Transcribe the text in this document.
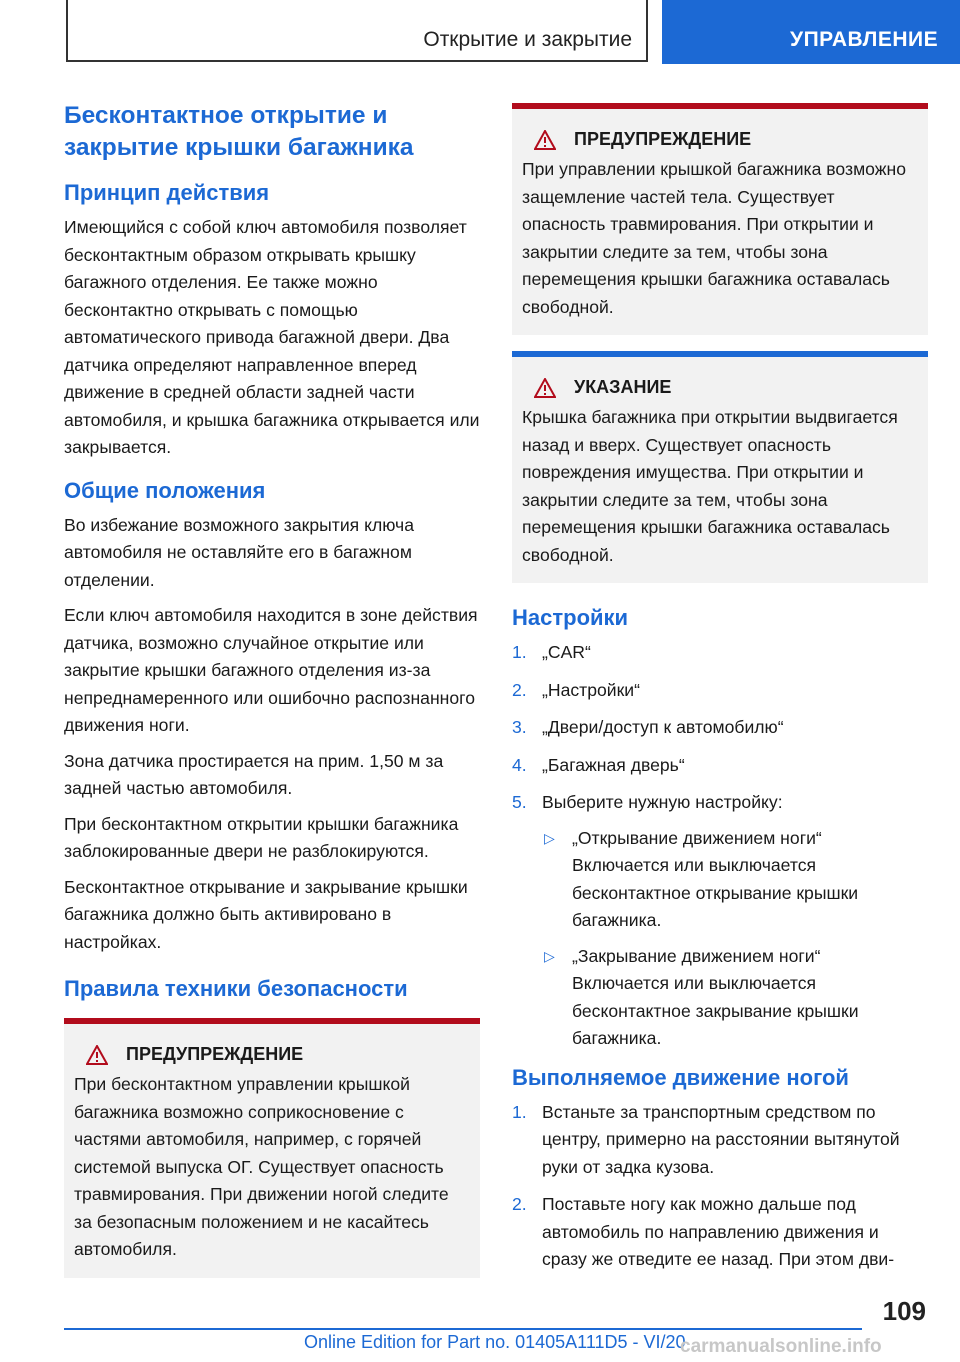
Открытие и закрытие	УПРАВЛЕНИЕ
Бесконтактное открытие и закрытие крышки багажника
Принцип действия

Имеющийся с собой ключ автомобиля позволяет бесконтактным образом открывать крышку багажного отделения. Ее также можно бесконтактно открывать с помощью автоматического привода багажной двери. Два датчика определяют направленное вперед движение в средней области задней части автомобиля, и крышка багажника открывается или закрывается.

Общие положения

Во избежание возможного закрытия ключа автомобиля не оставляйте его в багажном отделении.

Если ключ автомобиля находится в зоне действия датчика, возможно случайное открытие или закрытие крышки багажного отделения из-за непреднамеренного или ошибочно распознанного движения ноги.

Зона датчика простирается на прим. 1,50 м за задней частью автомобиля.

При бесконтактном открытии крышки багажника заблокированные двери не разблокируются.

Бесконтактное открывание и закрывание крышки багажника должно быть активировано в настройках.

Правила техники безопасности
ПРЕДУПРЕЖДЕНИЕ

При бесконтактном управлении крышкой багажника возможно соприкосновение с частями автомобиля, например, с горячей системой выпуска ОГ. Существует опасность травмирования. При движении ногой следите за безопасным положением и не касайтесь автомобиля.

ПРЕДУПРЕЖДЕНИЕ

При управлении крышкой багажника возможно защемление частей тела. Существует опасность травмирования. При открытии и закрытии следите за тем, чтобы зона перемещения крышки багажника оставалась свободной.

УКАЗАНИЕ

Крышка багажника при открытии выдвигается назад и вверх. Существует опасность повреждения имущества. При открытии и закрытии следите за тем, чтобы зона перемещения крышки багажника оставалась свободной.

Настройки
1. „CAR“
2. „Настройки“
3. „Двери/доступ к автомобилю“
4. „Багажная дверь“
5. Выберите нужную настройку:
▷ „Открывание движением ноги“
Включается или выключается бесконтактное открывание крышки багажника.
▷ „Закрывание движением ноги“
Включается или выключается бесконтактное закрывание крышки багажника.
Выполняемое движение ногой
1. Встаньте за транспортным средством по центру, примерно на расстоянии вытянутой руки от задка кузова.
2. Поставьте ногу как можно дальше под автомобиль по направлению движения и сразу же отведите ее назад. При этом дви-
109
Online Edition for Part no. 01405A111D5 - VI/20
carmanualsonline.info
